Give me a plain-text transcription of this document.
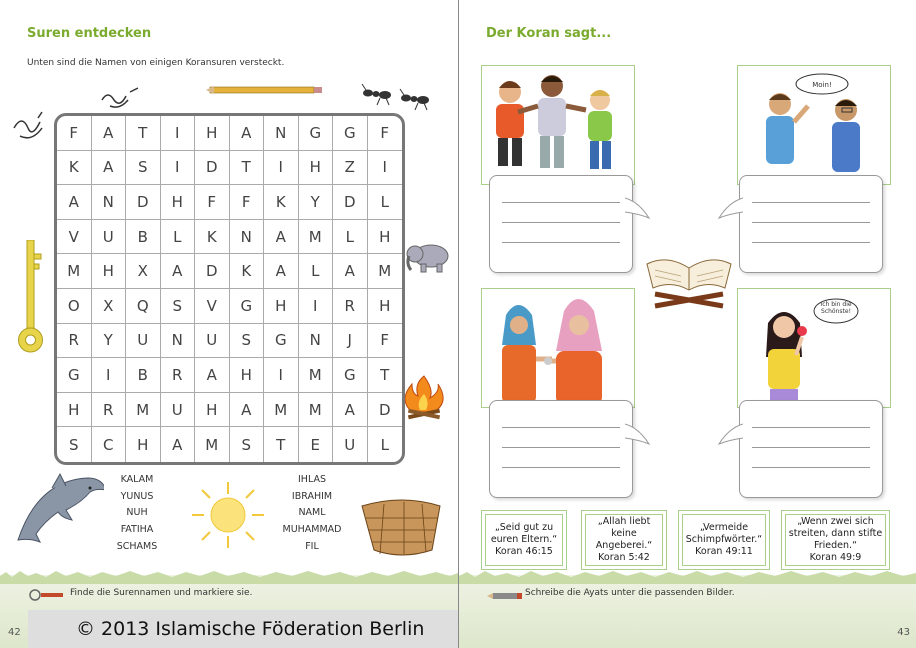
Suren entdecken
Unten sind die Namen von einigen Koransuren versteckt.
F	A	T	I	H	A	N	G	G	F
K	A	S	I	D	T	I	H	Z	I
A	N	D	H	F	F	K	Y	D	L
V	U	B	L	K	N	A	M	L	H
M	H	X	A	D	K	A	L	A	M
O	X	Q	S	V	G	H	I	R	H
R	Y	U	N	U	S	G	N	J	F
G	I	B	R	A	H	I	M	G	T
H	R	M	U	H	A	M	M	A	D
S	C	H	A	M	S	T	E	U	L
KALAM
YUNUS
NUH
FATIHA
SCHAMS
IHLAS
IBRAHIM
NAML
MUHAMMAD
FIL
Finde die Surennamen und markiere sie.
42	© 2013 Islamische Föderation Berlin
Der Koran sagt...
Moin!
Ich bin die Schönste!
„Seid gut zu euren Eltern.“
Koran 46:15
„Allah liebt keine Angeberei.“
Koran 5:42
„Vermeide Schimpfwörter.“
Koran 49:11
„Wenn zwei sich streiten, dann stifte Frieden.“
Koran 49:9
Schreibe die Ayats unter die passenden Bilder.
43
